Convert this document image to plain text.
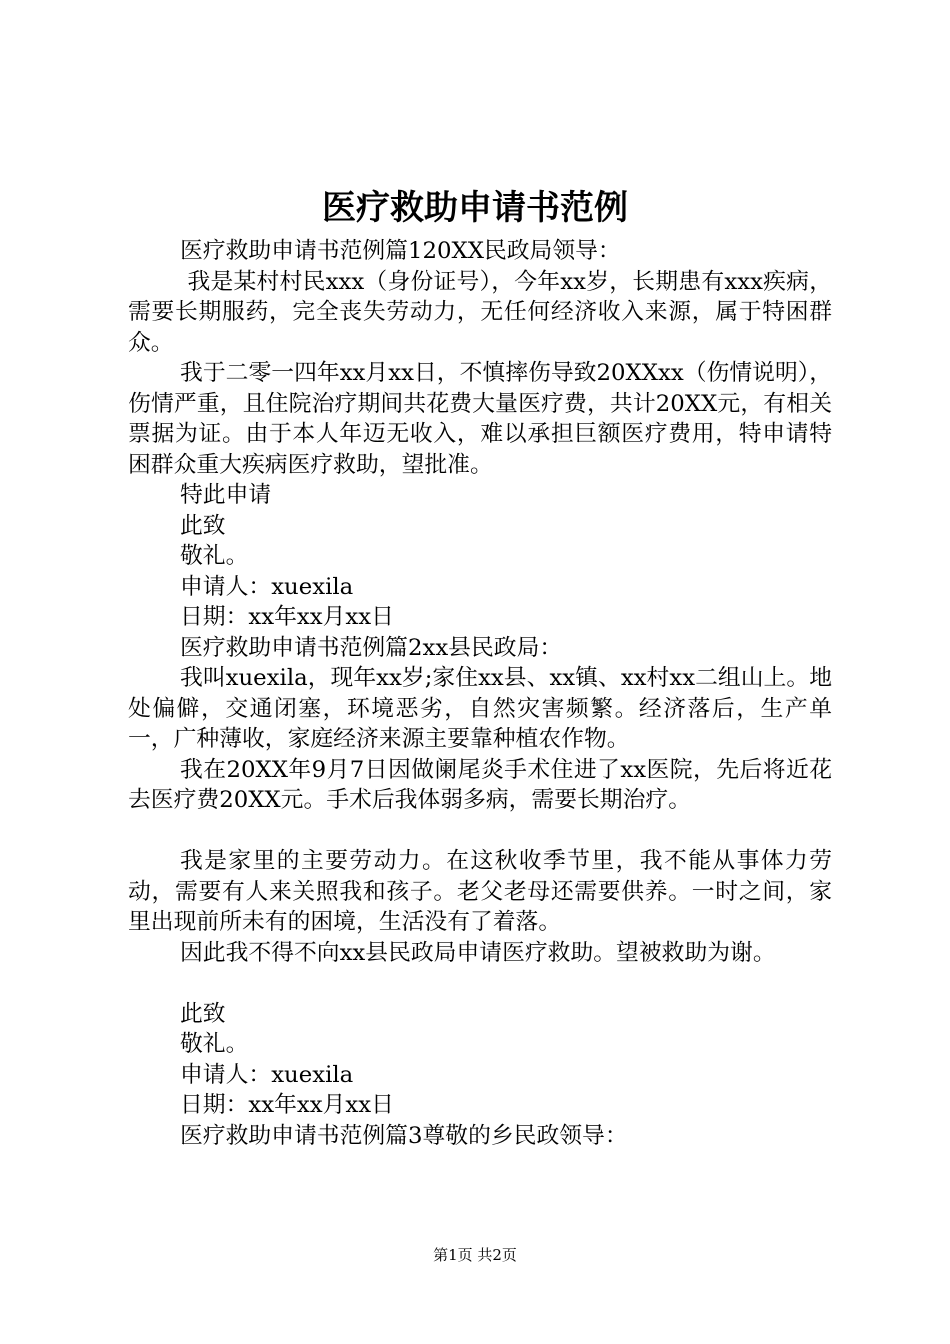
医疗救助申请书范例

医疗救助申请书范例篇120XX民政局领导：

我是某村村民xxx（身份证号），今年xx岁，长期患有xxx疾病，需要长期服药，完全丧失劳动力，无任何经济收入来源，属于特困群众。

我于二零一四年xx月xx日，不慎摔伤导致20XXxx（伤情说明），伤情严重，且住院治疗期间共花费大量医疗费，共计20XX元，有相关票据为证。由于本人年迈无收入，难以承担巨额医疗费用，特申请特困群众重大疾病医疗救助，望批准。

特此申请

此致

敬礼。

申请人：xuexila

日期：xx年xx月xx日

医疗救助申请书范例篇2xx县民政局：

我叫xuexila，现年xx岁;家住xx县、xx镇、xx村xx二组山上。地处偏僻，交通闭塞，环境恶劣，自然灾害频繁。经济落后，生产单一，广种薄收，家庭经济来源主要靠种植农作物。

我在20XX年9月7日因做阑尾炎手术住进了xx医院，先后将近花去医疗费20XX元。手术后我体弱多病，需要长期治疗。

我是家里的主要劳动力。在这秋收季节里，我不能从事体力劳动，需要有人来关照我和孩子。老父老母还需要供养。一时之间，家里出现前所未有的困境，生活没有了着落。

因此我不得不向xx县民政局申请医疗救助。望被救助为谢。

此致

敬礼。

申请人：xuexila

日期：xx年xx月xx日

医疗救助申请书范例篇3尊敬的乡民政领导：

第1页 共2页
